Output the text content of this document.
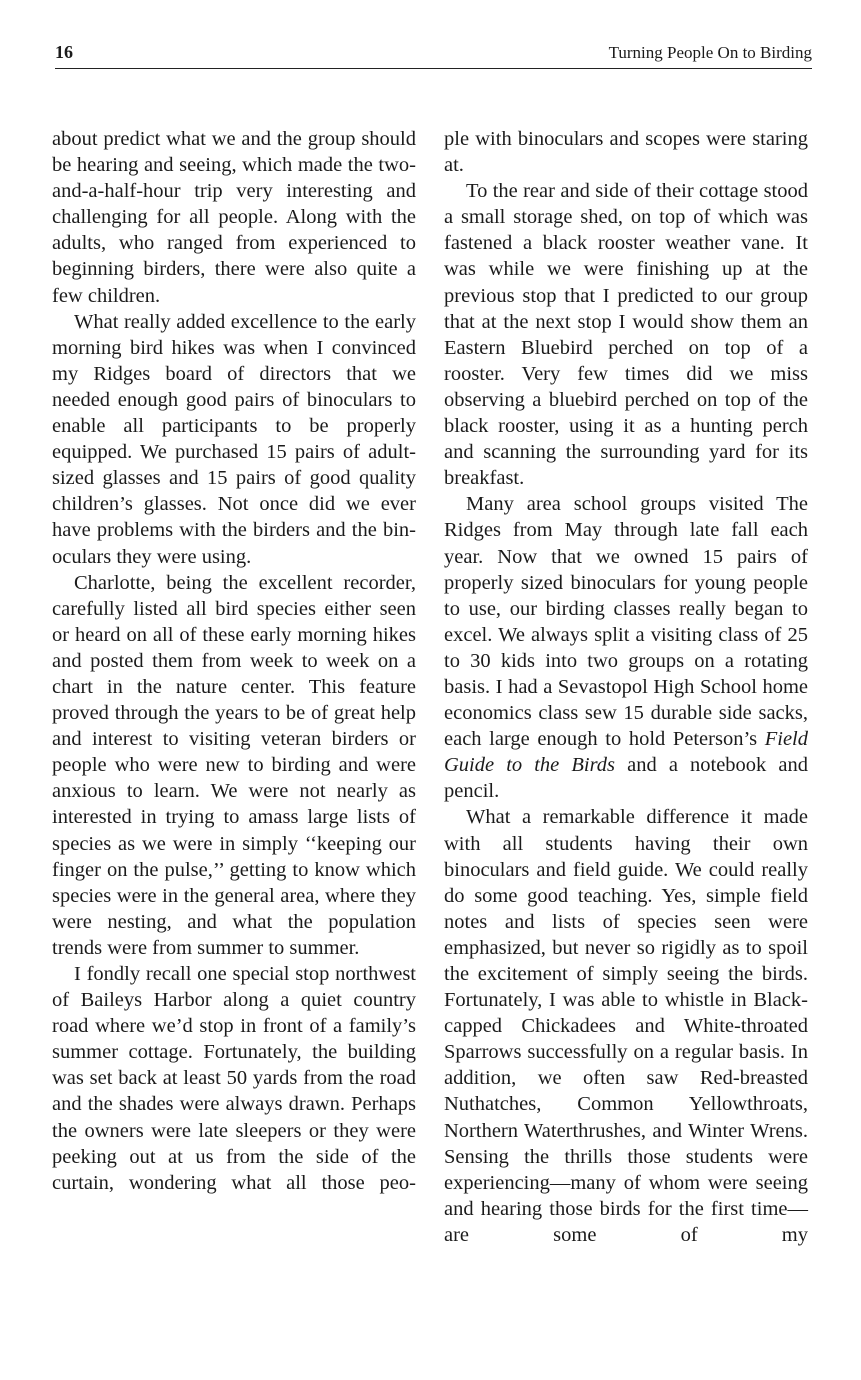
16	Turning People On to Birding

about predict what we and the group should be hearing and seeing, which made the two-and-a-half-hour trip very interesting and challenging for all people. Along with the adults, who ranged from experienced to beginning birders, there were also quite a few children.

What really added excellence to the early morning bird hikes was when I convinced my Ridges board of directors that we needed enough good pairs of binoculars to enable all participants to be properly equipped. We purchased 15 pairs of adult-sized glasses and 15 pairs of good quality children’s glasses. Not once did we ever have problems with the birders and the binoculars they were using.

Charlotte, being the excellent recorder, carefully listed all bird species either seen or heard on all of these early morning hikes and posted them from week to week on a chart in the nature center. This feature proved through the years to be of great help and interest to visiting veteran birders or people who were new to birding and were anxious to learn. We were not nearly as interested in trying to amass large lists of species as we were in simply ‘‘keeping our finger on the pulse,’’ getting to know which species were in the general area, where they were nesting, and what the population trends were from summer to summer.

I fondly recall one special stop northwest of Baileys Harbor along a quiet country road where we’d stop in front of a family’s summer cottage. Fortunately, the building was set back at least 50 yards from the road and the shades were always drawn. Perhaps the owners were late sleepers or they were peeking out at us from the side of the curtain, wondering what all those peo-

ple with binoculars and scopes were staring at.

To the rear and side of their cottage stood a small storage shed, on top of which was fastened a black rooster weather vane. It was while we were finishing up at the previous stop that I predicted to our group that at the next stop I would show them an Eastern Bluebird perched on top of a rooster. Very few times did we miss observing a bluebird perched on top of the black rooster, using it as a hunting perch and scanning the surrounding yard for its breakfast.

Many area school groups visited The Ridges from May through late fall each year. Now that we owned 15 pairs of properly sized binoculars for young people to use, our birding classes really began to excel. We always split a visiting class of 25 to 30 kids into two groups on a rotating basis. I had a Sevastopol High School home economics class sew 15 durable side sacks, each large enough to hold Peterson’s Field Guide to the Birds and a notebook and pencil.

What a remarkable difference it made with all students having their own binoculars and field guide. We could really do some good teaching. Yes, simple field notes and lists of species seen were emphasized, but never so rigidly as to spoil the excitement of simply seeing the birds. Fortunately, I was able to whistle in Black-capped Chickadees and White-throated Sparrows successfully on a regular basis. In addition, we often saw Red-breasted Nuthatches, Common Yellowthroats, Northern Waterthrushes, and Winter Wrens. Sensing the thrills those students were experiencing—many of whom were seeing and hearing those birds for the first time—are some of my
